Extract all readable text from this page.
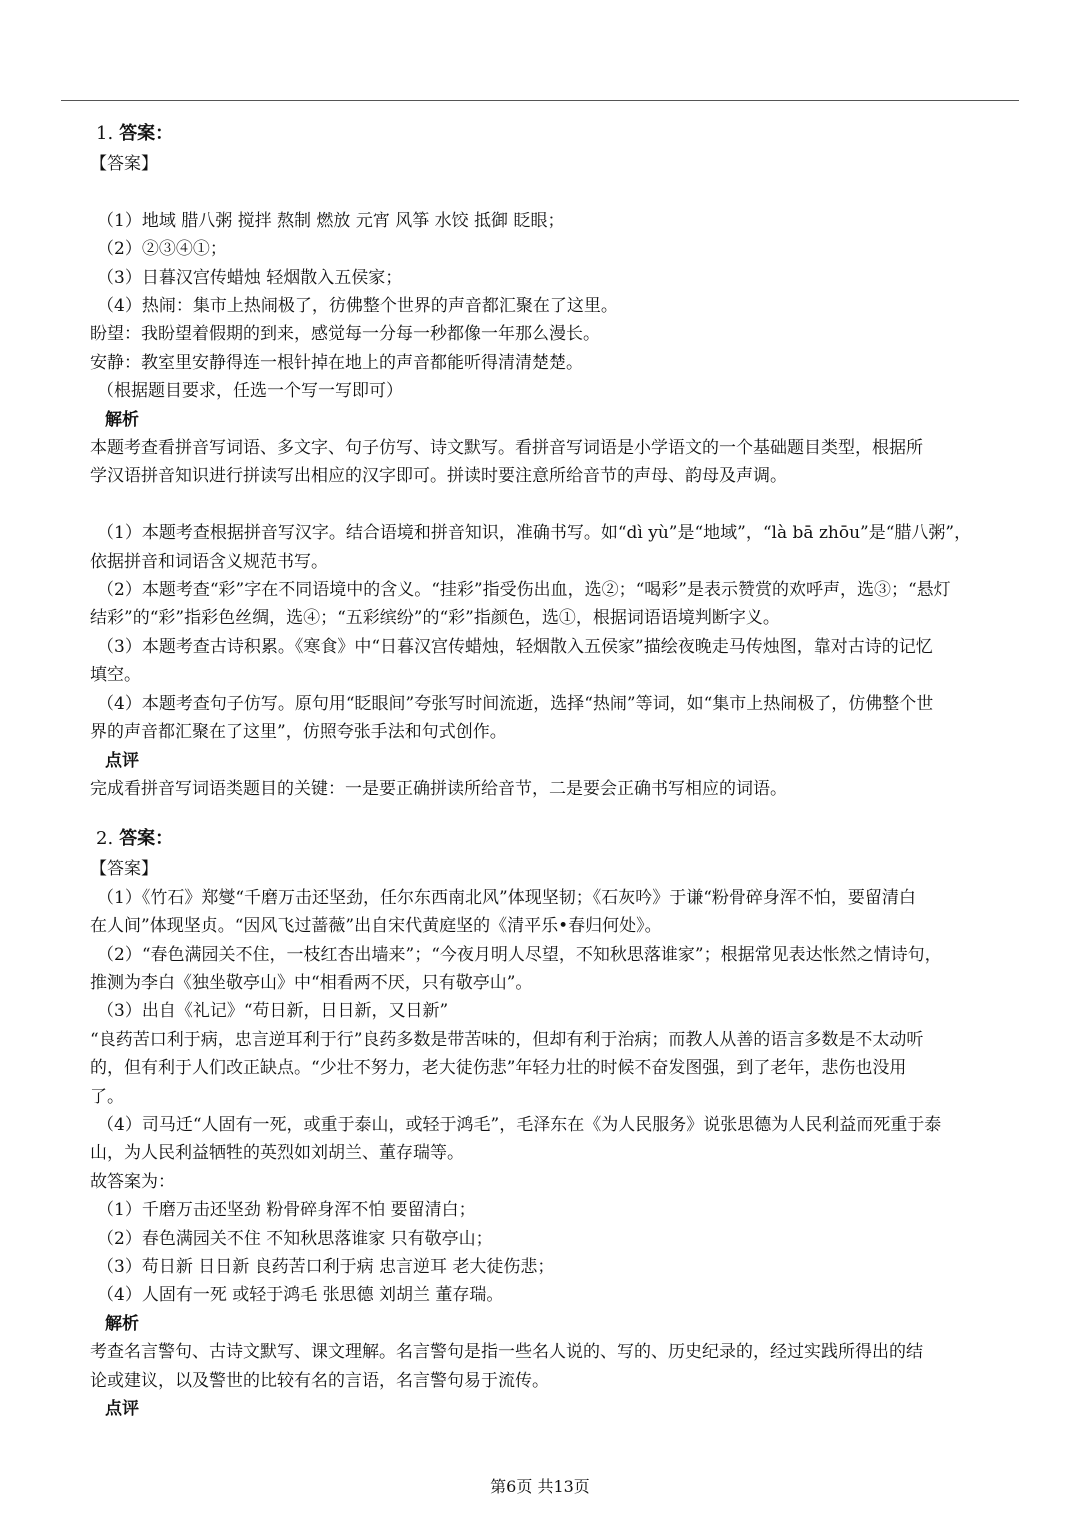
1. 答案：
【答案】
（1）地域 腊八粥 搅拌 熬制 燃放 元宵 风筝 水饺 抵御 眨眼；
（2）②③④①；
（3）日暮汉宫传蜡烛 轻烟散入五侯家；
（4）热闹：集市上热闹极了，彷佛整个世界的声音都汇聚在了这里。
盼望：我盼望着假期的到来，感觉每一分每一秒都像一年那么漫长。
安静：教室里安静得连一根针掉在地上的声音都能听得清清楚楚。
（根据题目要求，任选一个写一写即可）
解析
本题考查看拼音写词语、多文字、句子仿写、诗文默写。看拼音写词语是小学语文的一个基础题目类型，根据所
学汉语拼音知识进行拼读写出相应的汉字即可。拼读时要注意所给音节的声母、韵母及声调。
（1）本题考查根据拼音写汉字。结合语境和拼音知识，准确书写。如“dì yù”是“地域”，“là bā zhōu”是“腊八粥”，
依据拼音和词语含义规范书写。
（2）本题考查“彩”字在不同语境中的含义。“挂彩”指受伤出血，选②；“喝彩”是表示赞赏的欢呼声，选③；“悬灯
结彩”的“彩”指彩色丝绸，选④；“五彩缤纷”的“彩”指颜色，选①，根据词语语境判断字义。
（3）本题考查古诗积累。《寒食》中“日暮汉宫传蜡烛，轻烟散入五侯家”描绘夜晚走马传烛图，靠对古诗的记忆
填空。
（4）本题考查句子仿写。原句用“眨眼间”夸张写时间流逝，选择“热闹”等词，如“集市上热闹极了，仿佛整个世
界的声音都汇聚在了这里”，仿照夸张手法和句式创作。
点评
完成看拼音写词语类题目的关键：一是要正确拼读所给音节，二是要会正确书写相应的词语。
2. 答案：
【答案】
（1）《竹石》郑燮“千磨万击还坚劲，任尔东西南北风”体现坚韧；《石灰吟》于谦“粉骨碎身浑不怕，要留清白
在人间”体现坚贞。“因风飞过蔷薇”出自宋代黄庭坚的《清平乐•春归何处》。
（2）“春色满园关不住，一枝红杏出墙来”；“今夜月明人尽望，不知秋思落谁家”；根据常见表达怅然之情诗句，
推测为李白《独坐敬亭山》中“相看两不厌，只有敬亭山”。
（3）出自《礼记》“苟日新，日日新，又日新”
“良药苦口利于病，忠言逆耳利于行”良药多数是带苦味的，但却有利于治病；而教人从善的语言多数是不太动听
的，但有利于人们改正缺点。“少壮不努力，老大徒伤悲”年轻力壮的时候不奋发图强，到了老年，悲伤也没用
了。
（4）司马迁“人固有一死，或重于泰山，或轻于鸿毛”，毛泽东在《为人民服务》说张思德为人民利益而死重于泰
山，为人民利益牺牲的英烈如刘胡兰、董存瑞等。
故答案为：
（1）千磨万击还坚劲 粉骨碎身浑不怕 要留清白；
（2）春色满园关不住 不知秋思落谁家 只有敬亭山；
（3）苟日新 日日新 良药苦口利于病 忠言逆耳 老大徒伤悲；
（4）人固有一死 或轻于鸿毛 张思德 刘胡兰 董存瑞。
解析
考查名言警句、古诗文默写、课文理解。名言警句是指一些名人说的、写的、历史纪录的，经过实践所得出的结
论或建议，以及警世的比较有名的言语，名言警句易于流传。
点评
第6页 共13页
